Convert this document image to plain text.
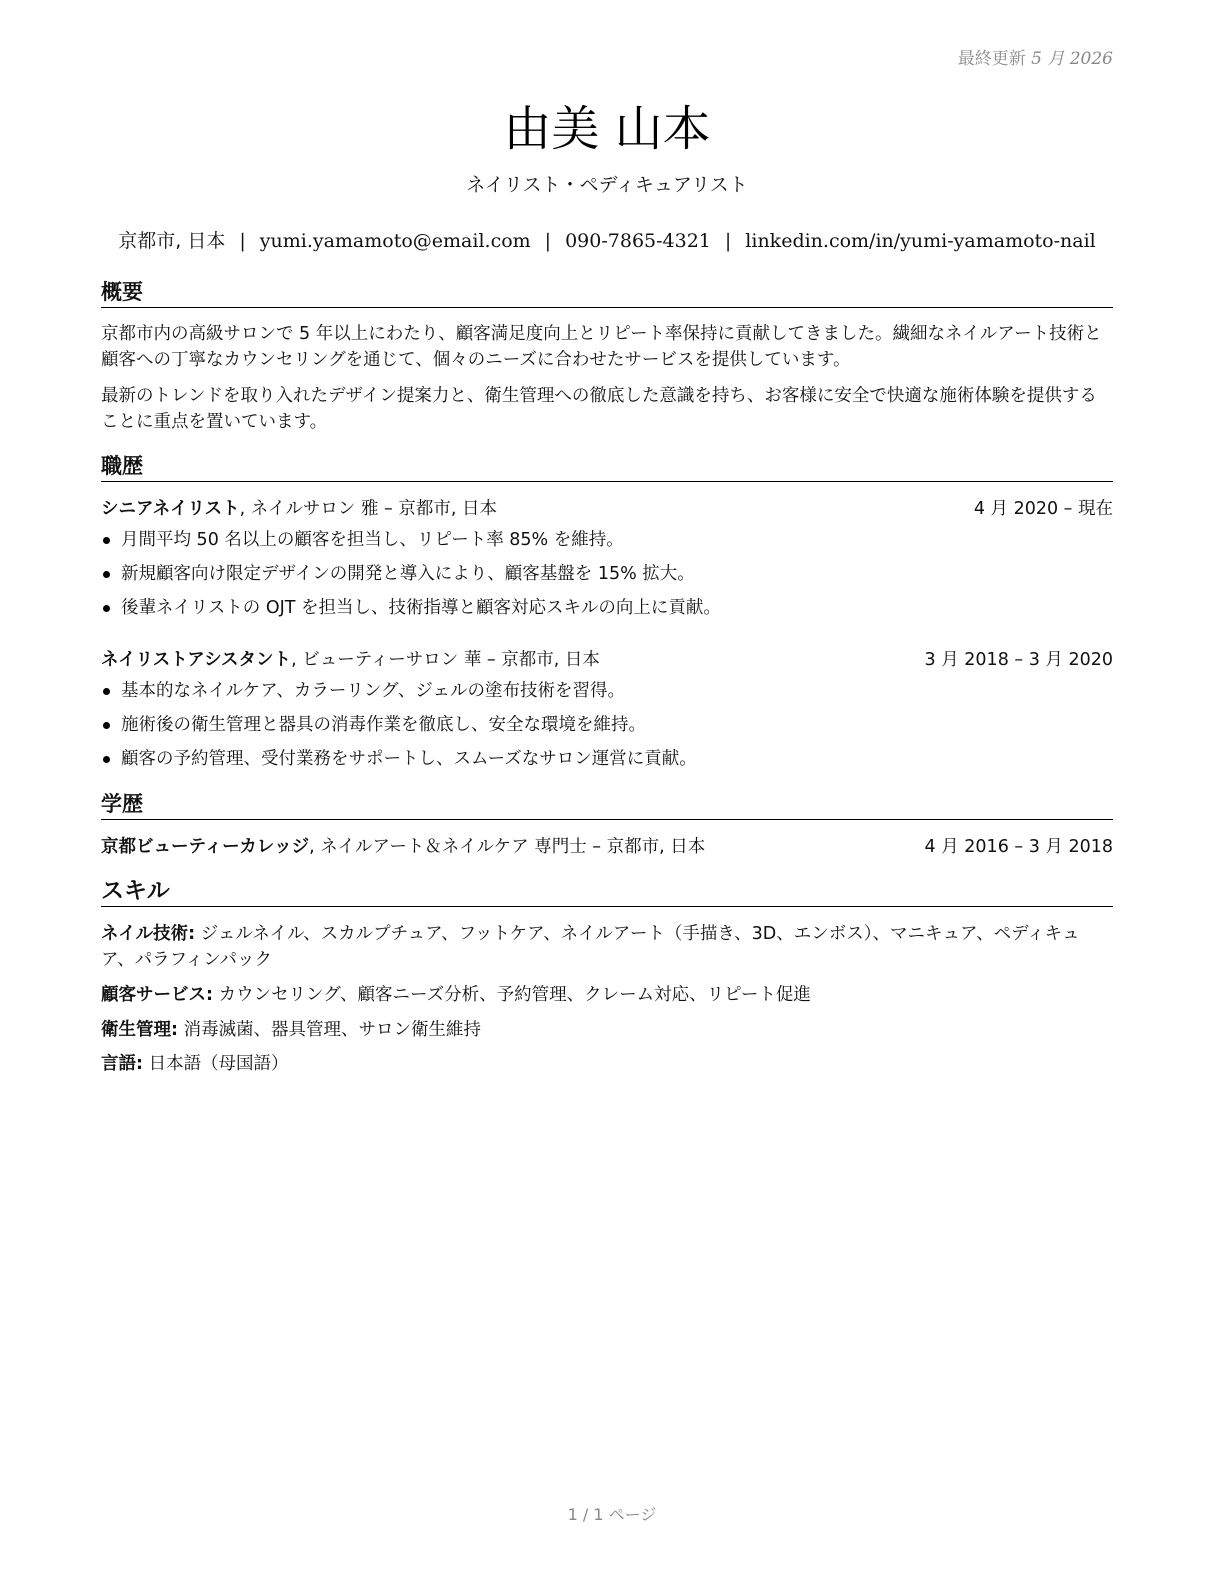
最終更新 5 月 2026
由美 山本
ネイリスト・ペディキュアリスト
京都市, 日本 | yumi.yamamoto@email.com | 090-7865-4321 | linkedin.com/in/yumi-yamamoto-nail
概要
京都市内の高級サロンで 5 年以上にわたり、顧客満足度向上とリピート率保持に貢献してきました。繊細なネイルアート技術と顧客への丁寧なカウンセリングを通じて、個々のニーズに合わせたサービスを提供しています。
最新のトレンドを取り入れたデザイン提案力と、衛生管理への徹底した意識を持ち、お客様に安全で快適な施術体験を提供することに重点を置いています。
職歴
シニアネイリスト, ネイルサロン 雅 – 京都市, 日本	4 月 2020 – 現在
月間平均 50 名以上の顧客を担当し、リピート率 85% を維持。
新規顧客向け限定デザインの開発と導入により、顧客基盤を 15% 拡大。
後輩ネイリストの OJT を担当し、技術指導と顧客対応スキルの向上に貢献。
ネイリストアシスタント, ビューティーサロン 華 – 京都市, 日本	3 月 2018 – 3 月 2020
基本的なネイルケア、カラーリング、ジェルの塗布技術を習得。
施術後の衛生管理と器具の消毒作業を徹底し、安全な環境を維持。
顧客の予約管理、受付業務をサポートし、スムーズなサロン運営に貢献。
学歴
京都ビューティーカレッジ, ネイルアート＆ネイルケア 専門士 – 京都市, 日本	4 月 2016 – 3 月 2018
スキル
ネイル技術: ジェルネイル、スカルプチュア、フットケア、ネイルアート（手描き、3D、エンボス）、マニキュア、ペディキュア、パラフィンパック
顧客サービス: カウンセリング、顧客ニーズ分析、予約管理、クレーム対応、リピート促進
衛生管理: 消毒滅菌、器具管理、サロン衛生維持
言語: 日本語（母国語）
1 / 1 ページ
